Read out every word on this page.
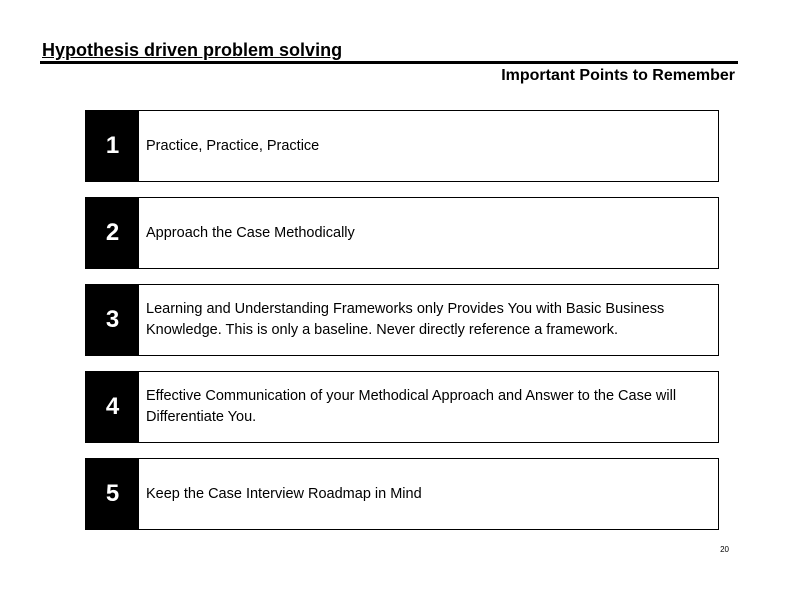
Hypothesis driven problem solving
Important Points to Remember
1	Practice, Practice, Practice
2	Approach the Case Methodically
3	Learning and Understanding Frameworks only Provides You with Basic Business Knowledge. This is only a baseline. Never directly reference a framework.
4	Effective Communication of your Methodical Approach and Answer to the Case will Differentiate You.
5	Keep the Case Interview Roadmap in Mind
20
